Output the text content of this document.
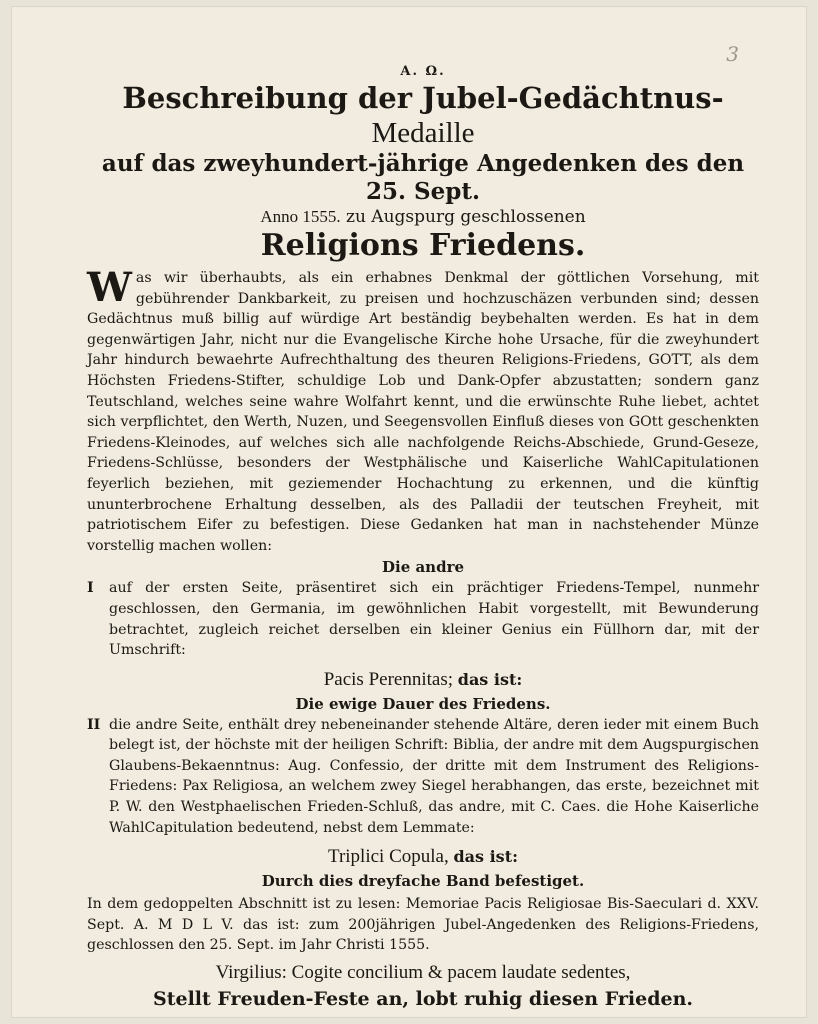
3
A. Ω.
Beschreibung der Jubel-Gedächtnus- Medaille
auf das zweyhundert-jährige Angedenken des den 25. Sept.
Anno 1555. zu Augspurg geschlossenen
Religions Friedens.
Was wir überhaubts, als ein erhabnes Denkmal der göttlichen Vorsehung, mit gebührender Dankbarkeit, zu preisen und hochzuschäzen verbunden sind; dessen Gedächtnus muß billig auf würdige Art beständig beybehalten werden. Es hat in dem gegenwärtigen Jahr, nicht nur die Evangelische Kirche hohe Ursache, für die zweyhundert Jahr hindurch bewaehrte Aufrechthaltung des theuren Religions-Friedens, GOTT, als dem Höchsten Friedens-Stifter, schuldige Lob und Dank-Opfer abzustatten; sondern ganz Teutschland, welches seine wahre Wolfahrt kennt, und die erwünschte Ruhe liebet, achtet sich verpflichtet, den Werth, Nuzen, und Seegensvollen Einfluß dieses von GOtt geschenkten Friedens-Kleinodes, auf welches sich alle nachfolgende Reichs-Abschiede, Grund-Geseze, Friedens-Schlüsse, besonders der Westphälische und Kaiserliche WahlCapitulationen feyerlich beziehen, mit geziemender Hochachtung zu erkennen, und die künftig ununterbrochene Erhaltung desselben, als des Palladii der teutschen Freyheit, mit patriotischem Eifer zu befestigen. Diese Gedanken hat man in nachstehender Münze vorstellig machen wollen:
Die andre
I	auf der ersten Seite, präsentiret sich ein prächtiger Friedens-Tempel, nunmehr geschlossen, den Germania, im gewöhnlichen Habit vorgestellt, mit Bewunderung betrachtet, zugleich reichet derselben ein kleiner Genius ein Füllhorn dar, mit der Umschrift:
Pacis Perennitas; das ist:
Die ewige Dauer des Friedens.
II die andre Seite, enthält drey nebeneinander stehende Altäre, deren ieder mit einem Buch belegt ist, der höchste mit der heiligen Schrift: Biblia, der andre mit dem Augspurgischen Glaubens-Bekaenntnus: Aug. Confessio, der dritte mit dem Instrument des Religions-Friedens: Pax Religiosa, an welchem zwey Siegel herabhangen, das erste, bezeichnet mit P. W. den Westphaelischen Frieden-Schluß, das andre, mit C. Caes. die Hohe Kaiserliche WahlCapitulation bedeutend, nebst dem Lemmate:
Triplici Copula, das ist:
Durch dies dreyfache Band befestiget.
In dem gedoppelten Abschnitt ist zu lesen: Memoriae Pacis Religiosae Bis-Saeculari d. XXV. Sept. A. M D L V. das ist: zum 200jährigen Jubel-Angedenken des Religions-Friedens, geschlossen den 25. Sept. im Jahr Christi 1555.
Virgilius: Cogite concilium & pacem laudate sedentes,
Stellt Freuden-Feste an, lobt ruhig diesen Frieden.
